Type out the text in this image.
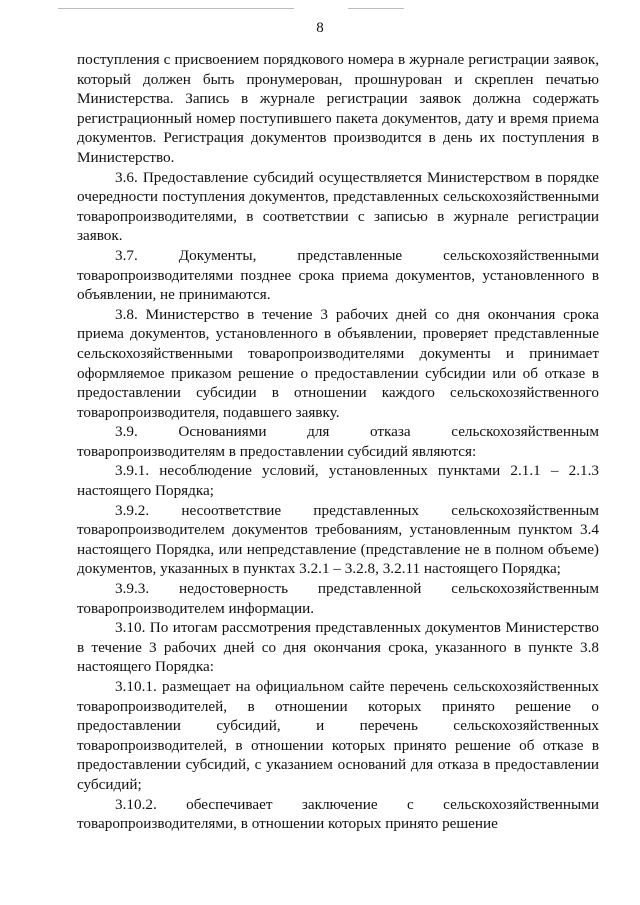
8

поступления с присвоением порядкового номера в журнале регистрации заявок, который должен быть пронумерован, прошнурован и скреплен печатью Министерства. Запись в журнале регистрации заявок должна содержать регистрационный номер поступившего пакета документов, дату и время приема документов. Регистрация документов производится в день их поступления в Министерство.

3.6. Предоставление субсидий осуществляется Министерством в порядке очередности поступления документов, представленных сельскохозяйственными товаропроизводителями, в соответствии с записью в журнале регистрации заявок.

3.7. Документы, представленные сельскохозяйственными товаропроизводителями позднее срока приема документов, установленного в объявлении, не принимаются.

3.8. Министерство в течение 3 рабочих дней со дня окончания срока приема документов, установленного в объявлении, проверяет представленные сельскохозяйственными товаропроизводителями документы и принимает оформляемое приказом решение о предоставлении субсидии или об отказе в предоставлении субсидии в отношении каждого сельскохозяйственного товаропроизводителя, подавшего заявку.

3.9. Основаниями для отказа сельскохозяйственным товаропроизводителям в предоставлении субсидий являются:

3.9.1. несоблюдение условий, установленных пунктами 2.1.1 – 2.1.3 настоящего Порядка;

3.9.2. несоответствие представленных сельскохозяйственным товаропроизводителем документов требованиям, установленным пунктом 3.4 настоящего Порядка, или непредставление (представление не в полном объеме) документов, указанных в пунктах 3.2.1 – 3.2.8, 3.2.11 настоящего Порядка;

3.9.3. недостоверность представленной сельскохозяйственным товаропроизводителем информации.

3.10. По итогам рассмотрения представленных документов Министерство в течение 3 рабочих дней со дня окончания срока, указанного в пункте 3.8 настоящего Порядка:

3.10.1. размещает на официальном сайте перечень сельскохозяйственных товаропроизводителей, в отношении которых принято решение о предоставлении субсидий, и перечень сельскохозяйственных товаропроизводителей, в отношении которых принято решение об отказе в предоставлении субсидий, с указанием оснований для отказа в предоставлении субсидий;

3.10.2. обеспечивает заключение с сельскохозяйственными товаропроизводителями, в отношении которых принято решение
